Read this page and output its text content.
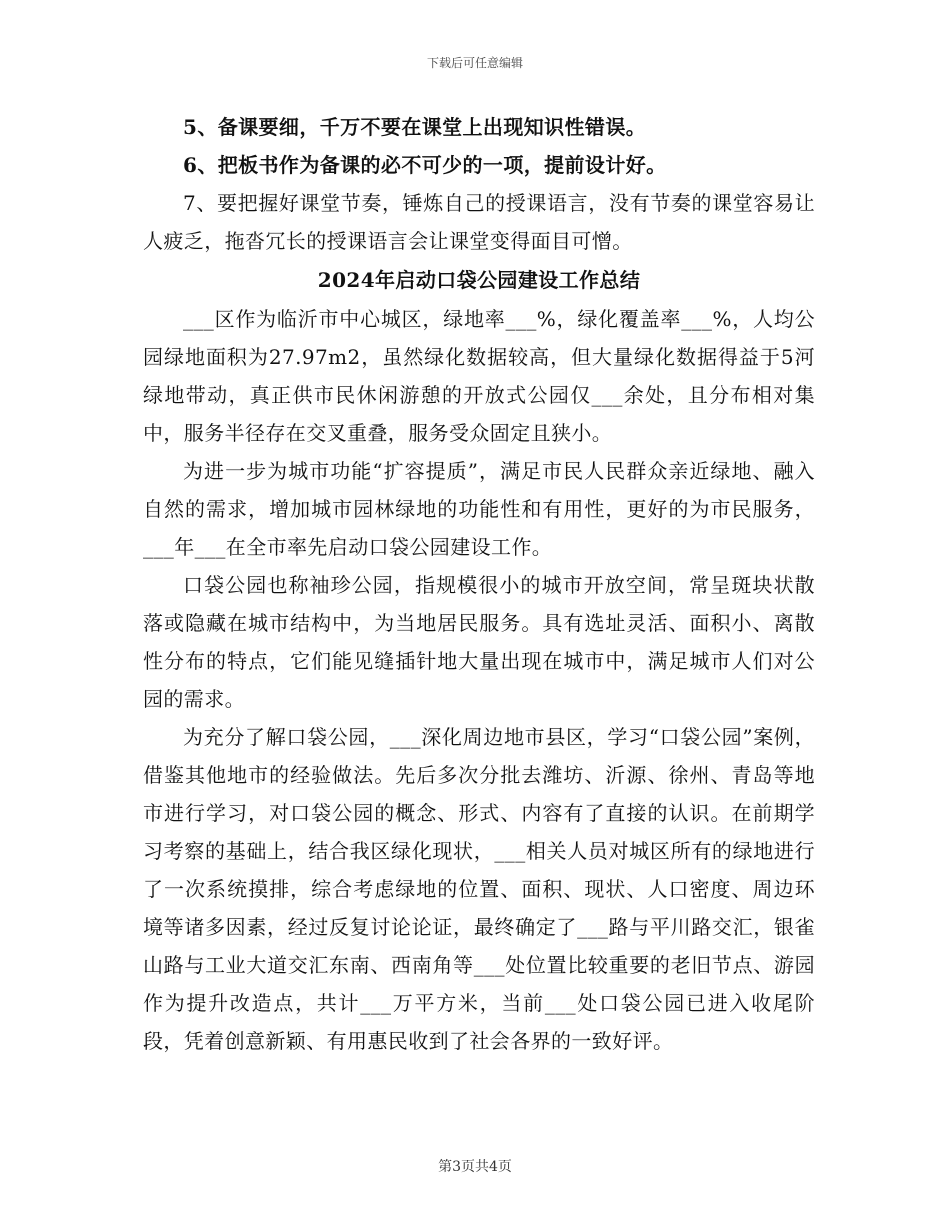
下载后可任意编辑

5、备课要细，千万不要在课堂上出现知识性错误。

6、把板书作为备课的必不可少的一项，提前设计好。

7、要把握好课堂节奏，锤炼自己的授课语言，没有节奏的课堂容易让人疲乏，拖沓冗长的授课语言会让课堂变得面目可憎。

2024年启动口袋公园建设工作总结

___区作为临沂市中心城区，绿地率___%，绿化覆盖率___%，人均公园绿地面积为27.97m2，虽然绿化数据较高，但大量绿化数据得益于5河绿地带动，真正供市民休闲游憩的开放式公园仅___余处，且分布相对集中，服务半径存在交叉重叠，服务受众固定且狭小。

为进一步为城市功能“扩容提质”，满足市民人民群众亲近绿地、融入自然的需求，增加城市园林绿地的功能性和有用性，更好的为市民服务，___年___在全市率先启动口袋公园建设工作。

口袋公园也称袖珍公园，指规模很小的城市开放空间，常呈斑块状散落或隐藏在城市结构中，为当地居民服务。具有选址灵活、面积小、离散性分布的特点，它们能见缝插针地大量出现在城市中，满足城市人们对公园的需求。

为充分了解口袋公园，___深化周边地市县区，学习“口袋公园”案例，借鉴其他地市的经验做法。先后多次分批去潍坊、沂源、徐州、青岛等地市进行学习，对口袋公园的概念、形式、内容有了直接的认识。在前期学习考察的基础上，结合我区绿化现状，___相关人员对城区所有的绿地进行了一次系统摸排，综合考虑绿地的位置、面积、现状、人口密度、周边环境等诸多因素，经过反复讨论论证，最终确定了___路与平川路交汇，银雀山路与工业大道交汇东南、西南角等___处位置比较重要的老旧节点、游园作为提升改造点，共计___万平方米，当前___处口袋公园已进入收尾阶段，凭着创意新颖、有用惠民收到了社会各界的一致好评。

第3页共4页
